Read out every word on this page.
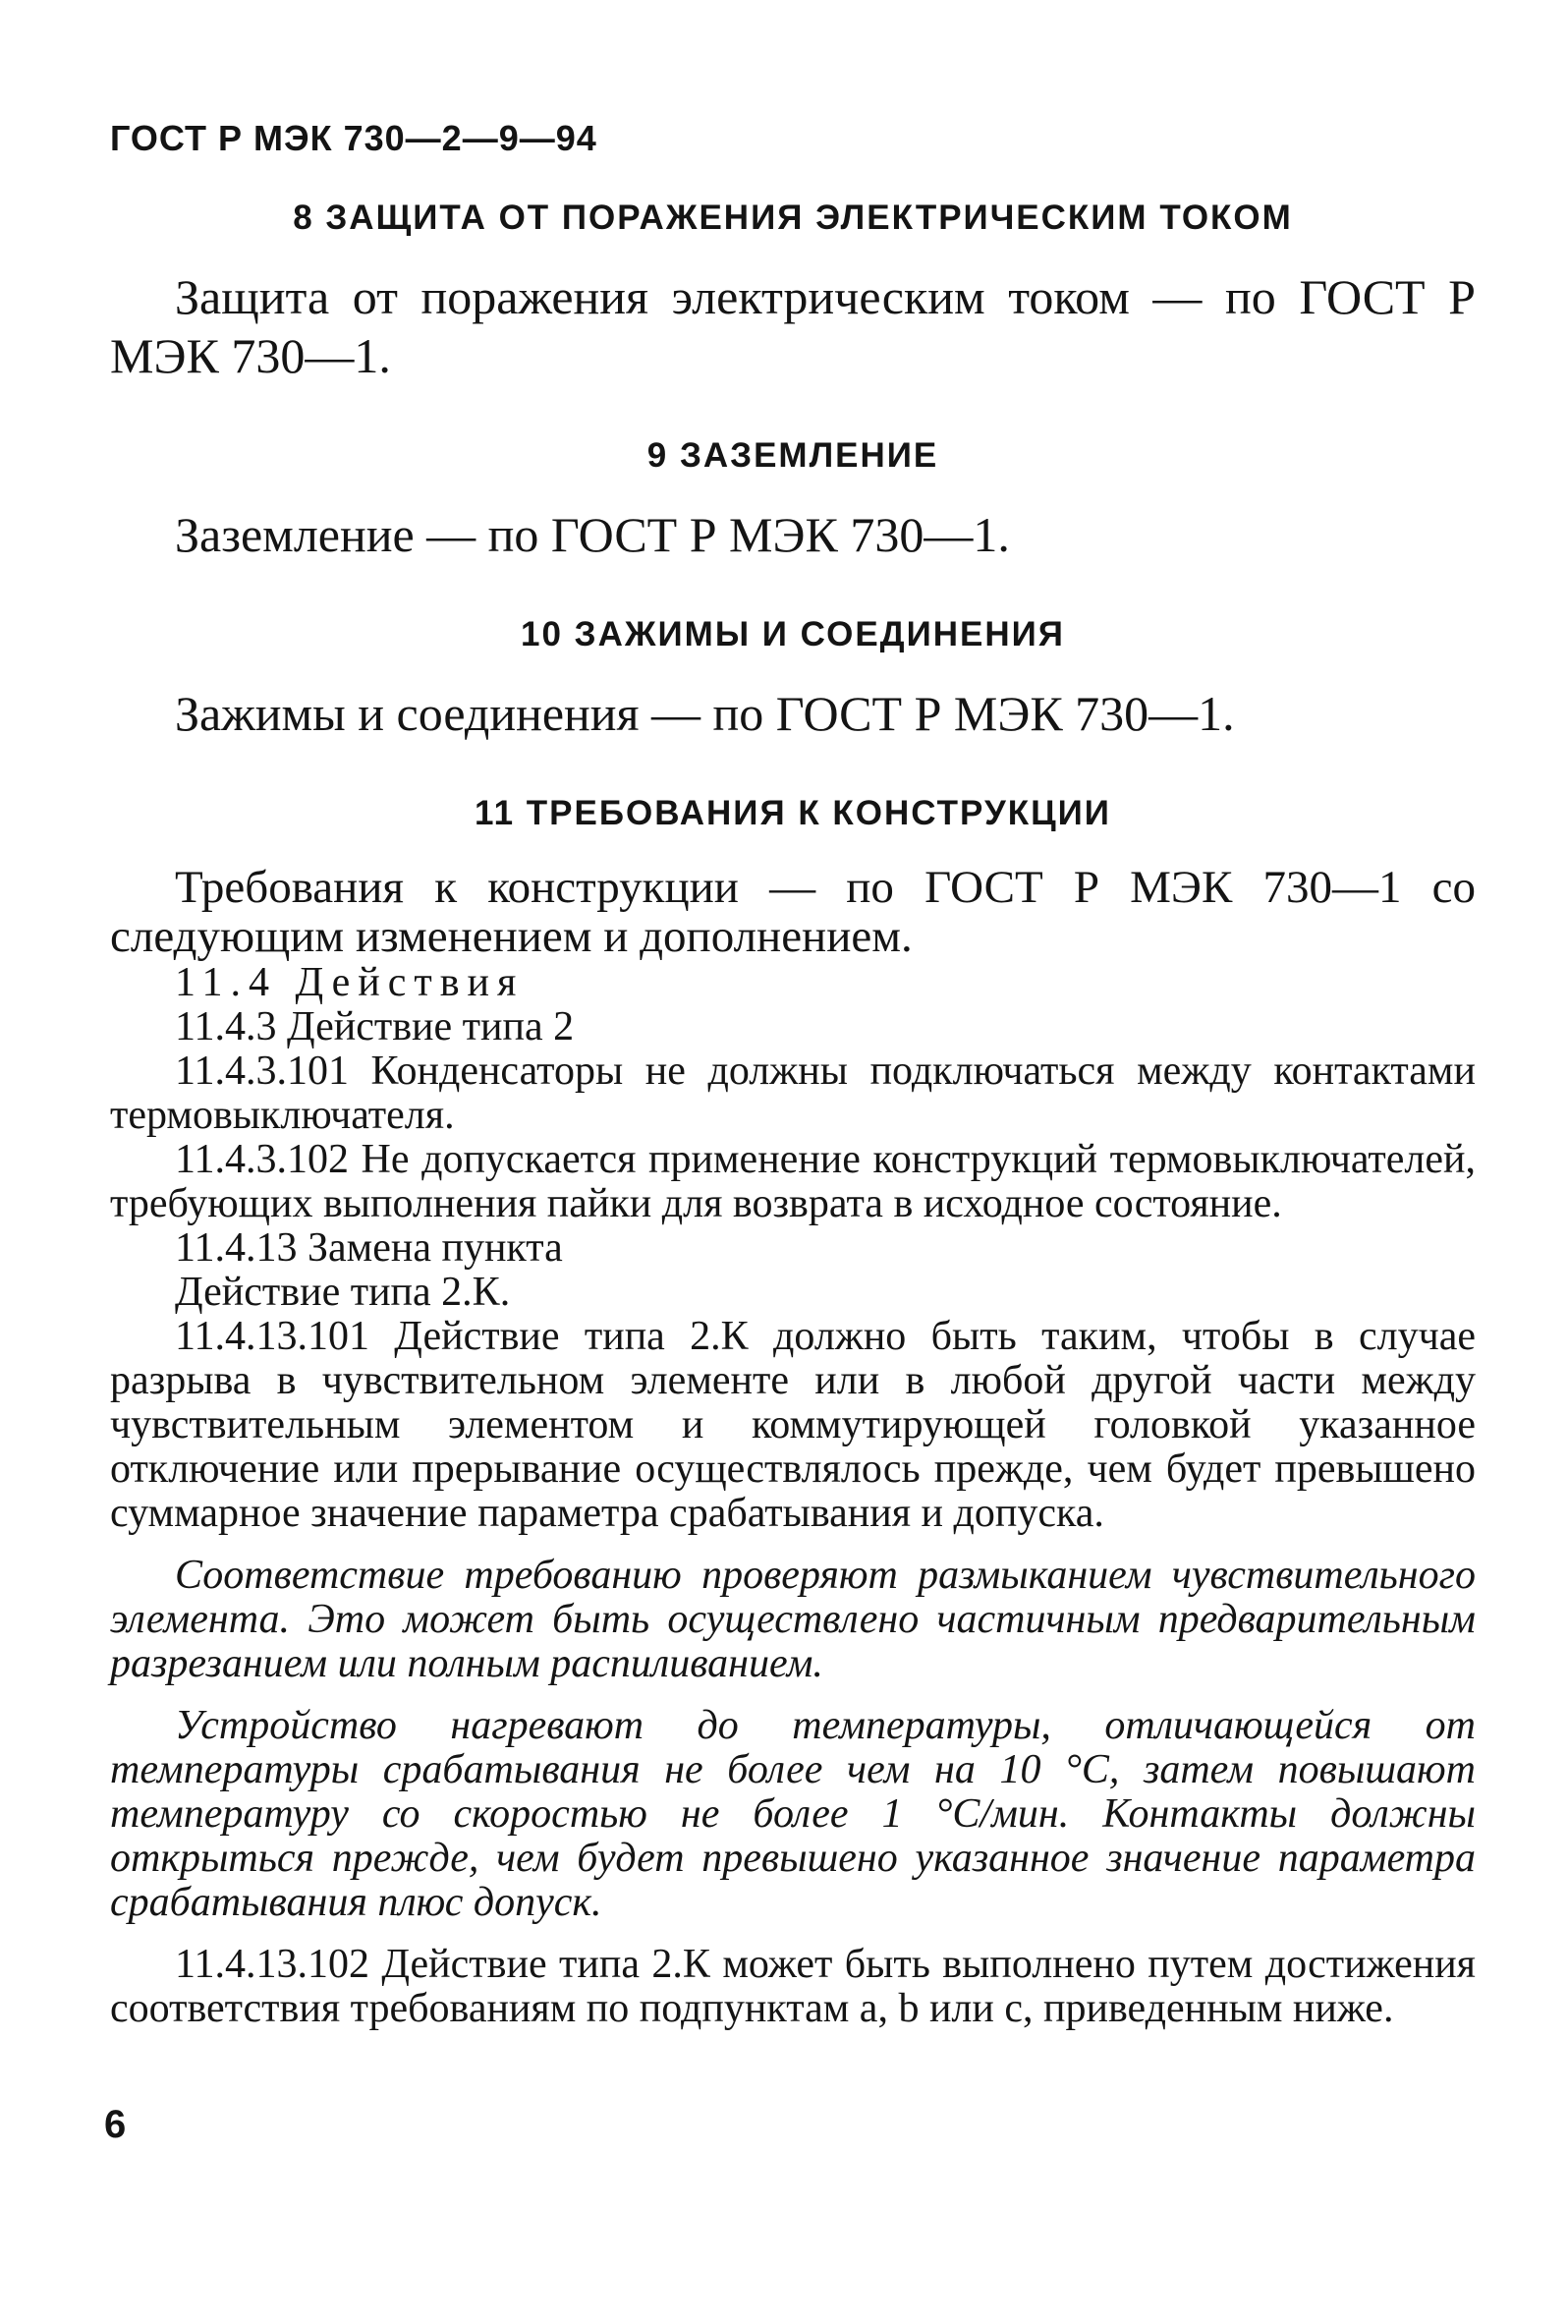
ГОСТ Р МЭК 730—2—9—94
8 ЗАЩИТА ОТ ПОРАЖЕНИЯ ЭЛЕКТРИЧЕСКИМ ТОКОМ

Защита от поражения электрическим током — по ГОСТ Р МЭК 730—1.

9 ЗАЗЕМЛЕНИЕ

Заземление — по ГОСТ Р МЭК 730—1.

10 ЗАЖИМЫ И СОЕДИНЕНИЯ

Зажимы и соединения — по ГОСТ Р МЭК 730—1.

11 ТРЕБОВАНИЯ К КОНСТРУКЦИИ

Требования к конструкции — по ГОСТ Р МЭК 730—1 со следующим изменением и дополнением.

11.4 Действия

11.4.3 Действие типа 2

11.4.3.101 Конденсаторы не должны подключаться между контактами термовыключателя.

11.4.3.102 Не допускается применение конструкций термовыключателей, требующих выполнения пайки для возврата в исходное состояние.

11.4.13 Замена пункта

Действие типа 2.К.

11.4.13.101 Действие типа 2.К должно быть таким, чтобы в случае разрыва в чувствительном элементе или в любой другой части между чувствительным элементом и коммутирующей головкой указанное отключение или прерывание осуществлялось прежде, чем будет превышено суммарное значение параметра срабатывания и допуска.

Соответствие требованию проверяют размыканием чувствительного элемента. Это может быть осуществлено частичным предварительным разрезанием или полным распиливанием.

Устройство нагревают до температуры, отличающейся от температуры срабатывания не более чем на 10 °С, затем повышают температуру со скоростью не более 1 °С/мин. Контакты должны открыться прежде, чем будет превышено указанное значение параметра срабатывания плюс допуск.

11.4.13.102 Действие типа 2.К может быть выполнено путем достижения соответствия требованиям по подпунктам a, b или c, приведенным ниже.

6
